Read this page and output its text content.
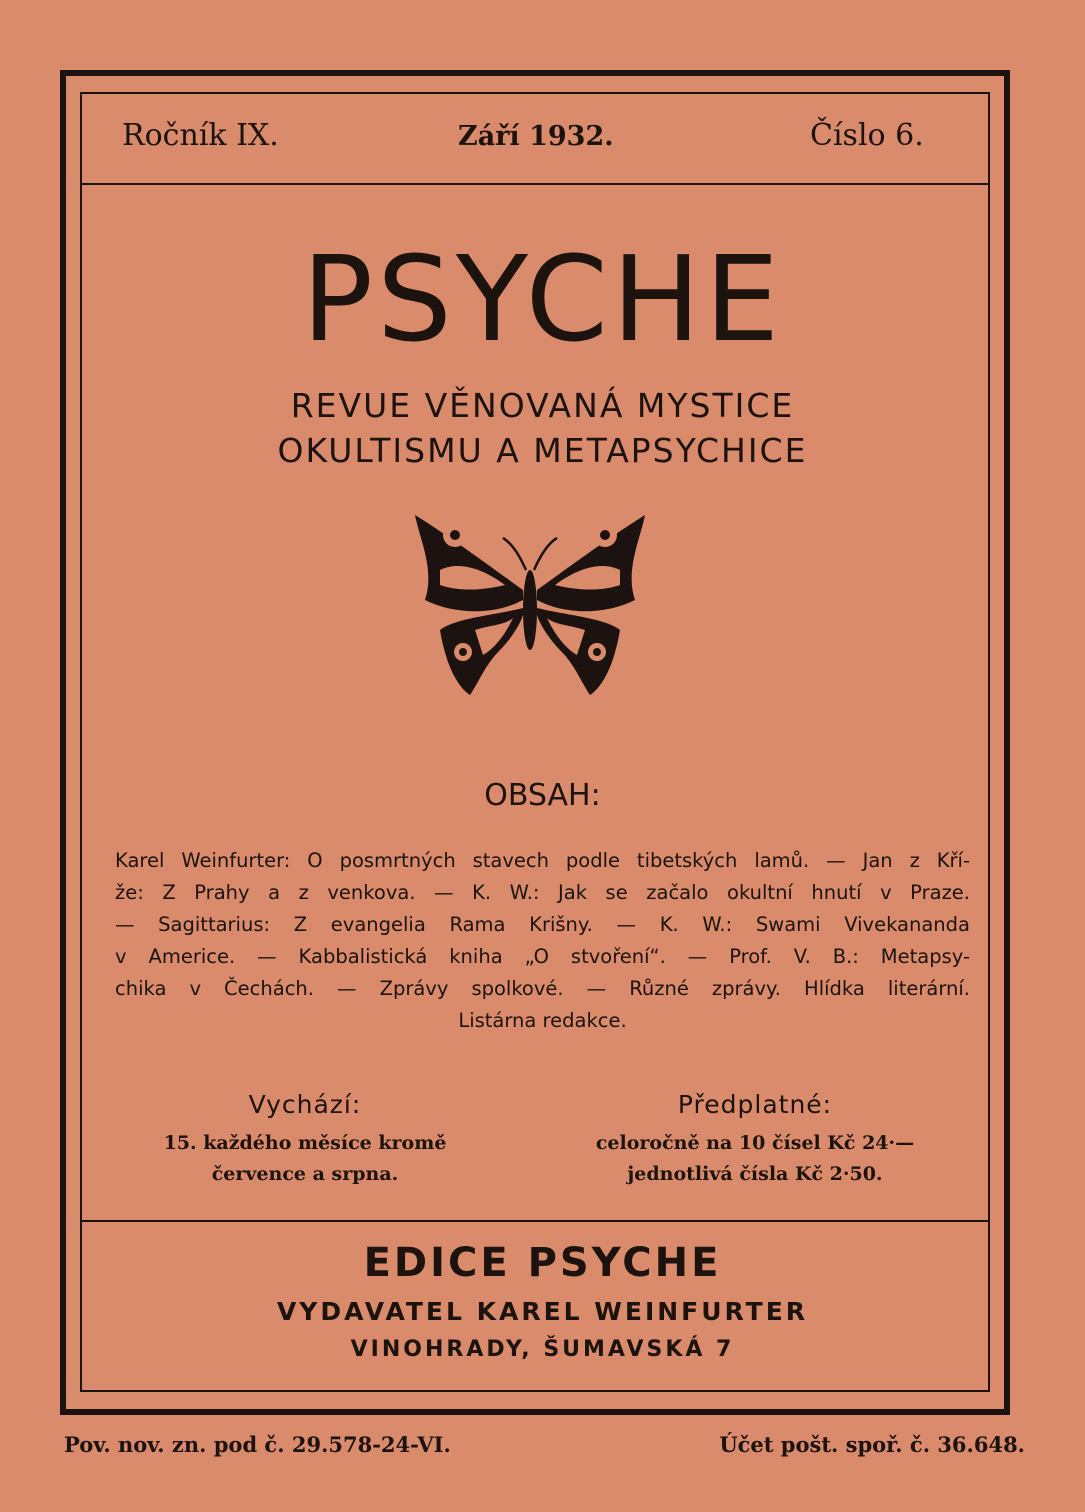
Ročník IX.	Září 1932.	Číslo 6.
PSYCHE
REVUE VĚNOVANÁ MYSTICE
OKULTISMU A METAPSYCHICE
OBSAH:
Karel Weinfurter: O posmrtných stavech podle tibetských lamů. — Jan z Kří-
že: Z Prahy a z venkova. — K. W.: Jak se začalo okultní hnutí v Praze.
— Sagittarius: Z evangelia Rama Krišny. — K. W.: Swami Vivekananda
v Americe. — Kabbalistická kniha „O stvoření“. — Prof. V. B.: Metapsy-
chika v Čechách. — Zprávy spolkové. — Různé zprávy. Hlídka literární.
Listárna redakce.
Vychází:
15. každého měsíce kromě
července a srpna.
Předplatné:
celoročně na 10 čísel Kč 24·—
jednotlivá čísla Kč 2·50.
EDICE PSYCHE
VYDAVATEL KAREL WEINFURTER
VINOHRADY, ŠUMAVSKÁ 7
Pov. nov. zn. pod č. 29.578-24-VI.	Účet pošt. spoř. č. 36.648.
